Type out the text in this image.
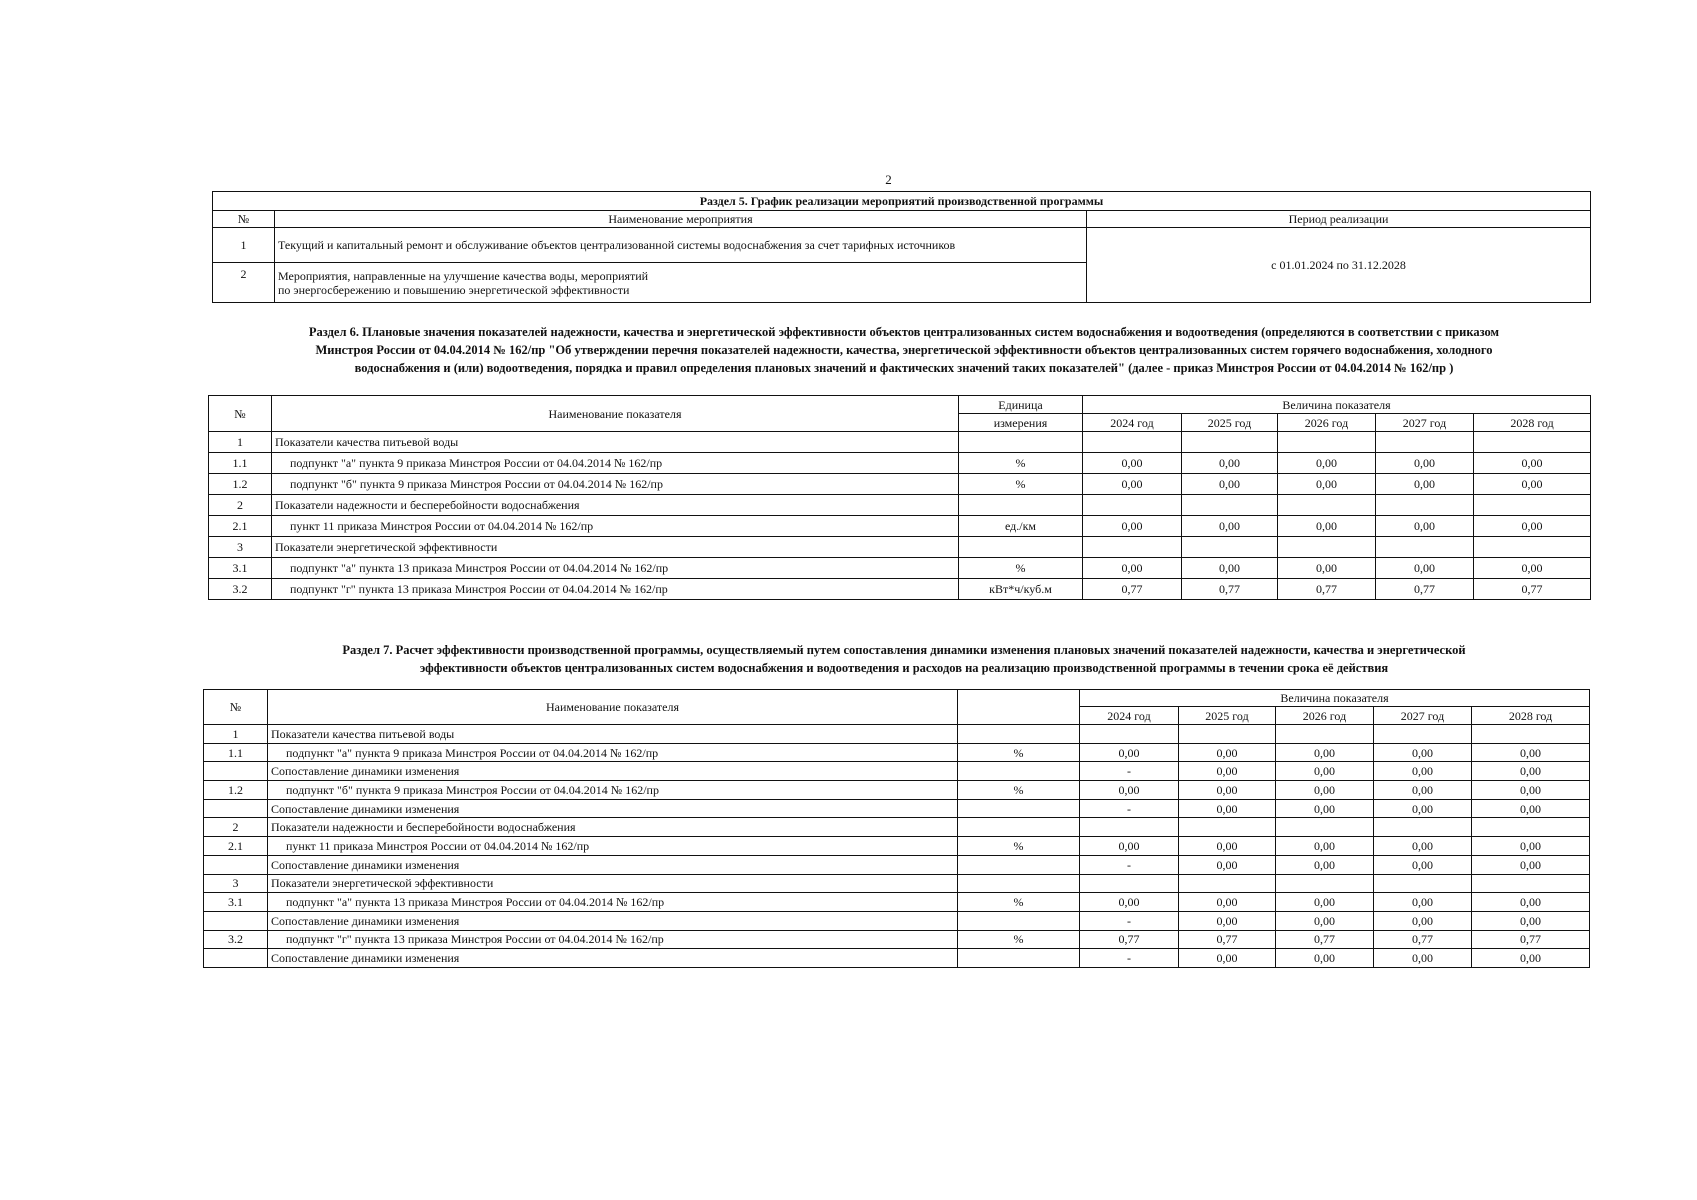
2
Раздел 5. График реализации мероприятий производственной программы		
№	Наименование мероприятия	Период реализации
1	Текущий и капитальный ремонт и обслуживание объектов централизованной системы водоснабжения за счет тарифных источников	с 01.01.2024 по 31.12.2028
2	Мероприятия, направленные на улучшение качества воды, мероприятий
по энергосбережению и повышению энергетической эффективности	
Раздел 6. Плановые значения показателей надежности, качества и энергетической эффективности объектов централизованных систем водоснабжения и водоотведения (определяются в соответствии с приказом
Минстроя России от 04.04.2014 № 162/пр "Об утверждении перечня показателей надежности, качества, энергетической эффективности объектов централизованных систем горячего водоснабжения, холодного
водоснабжения и (или) водоотведения, порядка и правил определения плановых значений и фактических значений таких показателей" (далее - приказ Минстроя России от 04.04.2014 № 162/пр )
№	Наименование показателя	Единица	Величина показателя				
		измерения	2024 год	2025 год	2026 год	2027 год	2028 год
1	Показатели качества питьевой воды						
1.1	подпункт "а" пункта 9 приказа Минстроя России от 04.04.2014 № 162/пр	%	0,00	0,00	0,00	0,00	0,00
1.2	подпункт "б" пункта 9 приказа Минстроя России от 04.04.2014 № 162/пр	%	0,00	0,00	0,00	0,00	0,00
2	Показатели надежности и бесперебойности водоснабжения						
2.1	пункт 11 приказа Минстроя России от 04.04.2014 № 162/пр	ед./км	0,00	0,00	0,00	0,00	0,00
3	Показатели энергетической эффективности						
3.1	подпункт "а" пункта 13 приказа Минстроя России от 04.04.2014 № 162/пр	%	0,00	0,00	0,00	0,00	0,00
3.2	подпункт "г" пункта 13 приказа Минстроя России от 04.04.2014 № 162/пр	кВт*ч/куб.м	0,77	0,77	0,77	0,77	0,77
Раздел 7. Расчет эффективности производственной программы, осуществляемый путем сопоставления динамики изменения плановых значений показателей надежности, качества и энергетической
эффективности объектов централизованных систем водоснабжения и водоотведения и расходов на реализацию производственной программы в течении срока её действия
№	Наименование показателя		Величина показателя				
			2024 год	2025 год	2026 год	2027 год	2028 год
1	Показатели качества питьевой воды						
1.1	подпункт "а" пункта 9 приказа Минстроя России от 04.04.2014 № 162/пр	%	0,00	0,00	0,00	0,00	0,00
	Сопоставление динамики изменения		-	0,00	0,00	0,00	0,00
1.2	подпункт "б" пункта 9 приказа Минстроя России от 04.04.2014 № 162/пр	%	0,00	0,00	0,00	0,00	0,00
	Сопоставление динамики изменения		-	0,00	0,00	0,00	0,00
2	Показатели надежности и бесперебойности водоснабжения						
2.1	пункт 11 приказа Минстроя России от 04.04.2014 № 162/пр	%	0,00	0,00	0,00	0,00	0,00
	Сопоставление динамики изменения		-	0,00	0,00	0,00	0,00
3	Показатели энергетической эффективности						
3.1	подпункт "а" пункта 13 приказа Минстроя России от 04.04.2014 № 162/пр	%	0,00	0,00	0,00	0,00	0,00
	Сопоставление динамики изменения		-	0,00	0,00	0,00	0,00
3.2	подпункт "г" пункта 13 приказа Минстроя России от 04.04.2014 № 162/пр	%	0,77	0,77	0,77	0,77	0,77
	Сопоставление динамики изменения		-	0,00	0,00	0,00	0,00
